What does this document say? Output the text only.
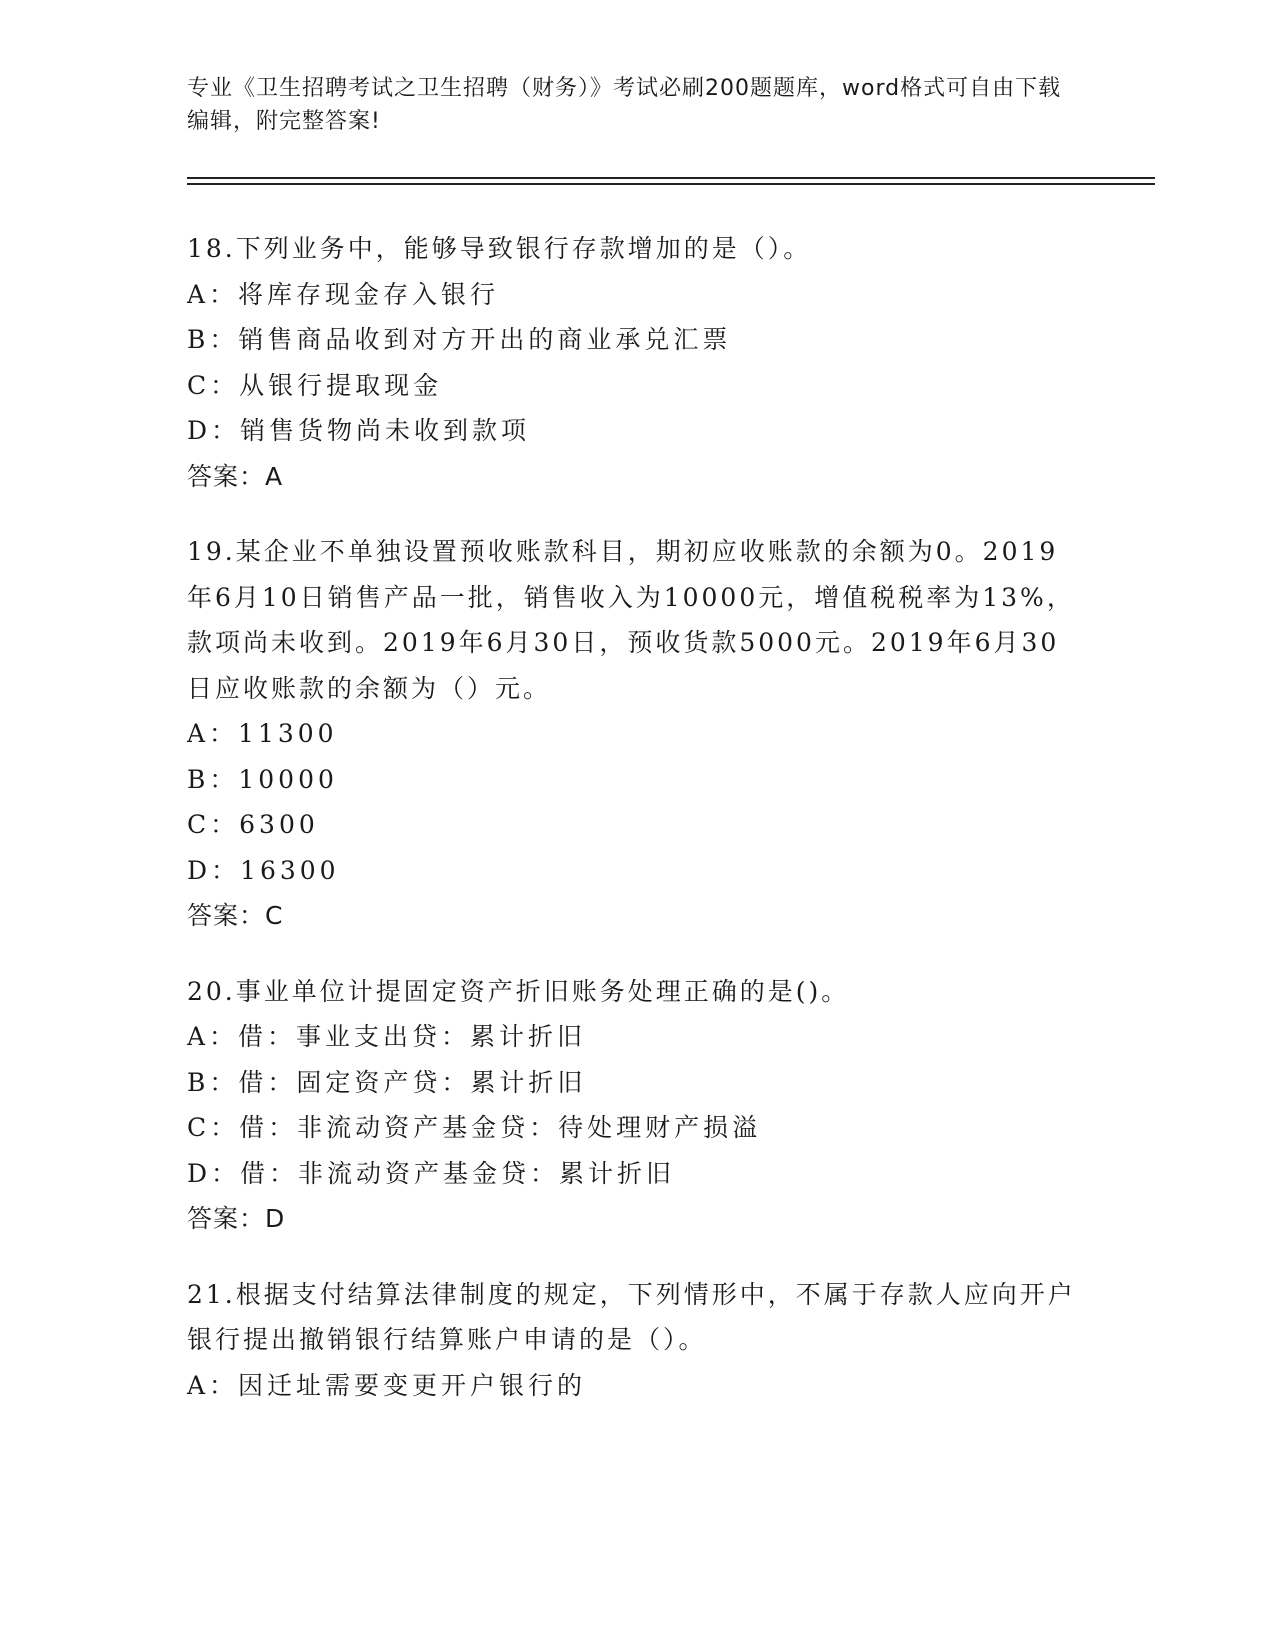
专业《卫生招聘考试之卫生招聘（财务）》考试必刷200题题库，word格式可自由下载编辑，附完整答案!
18.下列业务中，能够导致银行存款增加的是（）。
A：将库存现金存入银行
B：销售商品收到对方开出的商业承兑汇票
C：从银行提取现金
D：销售货物尚未收到款项
答案：A
19.某企业不单独设置预收账款科目，期初应收账款的余额为0。2019年6月10日销售产品一批，销售收入为10000元，增值税税率为13%，款项尚未收到。2019年6月30日，预收货款5000元。2019年6月30日应收账款的余额为（）元。
A：11300
B：10000
C：6300
D：16300
答案：C
20.事业单位计提固定资产折旧账务处理正确的是()。
A：借：事业支出贷：累计折旧
B：借：固定资产贷：累计折旧
C：借：非流动资产基金贷：待处理财产损溢
D：借：非流动资产基金贷：累计折旧
答案：D
21.根据支付结算法律制度的规定，下列情形中，不属于存款人应向开户银行提出撤销银行结算账户申请的是（）。
A：因迁址需要变更开户银行的
